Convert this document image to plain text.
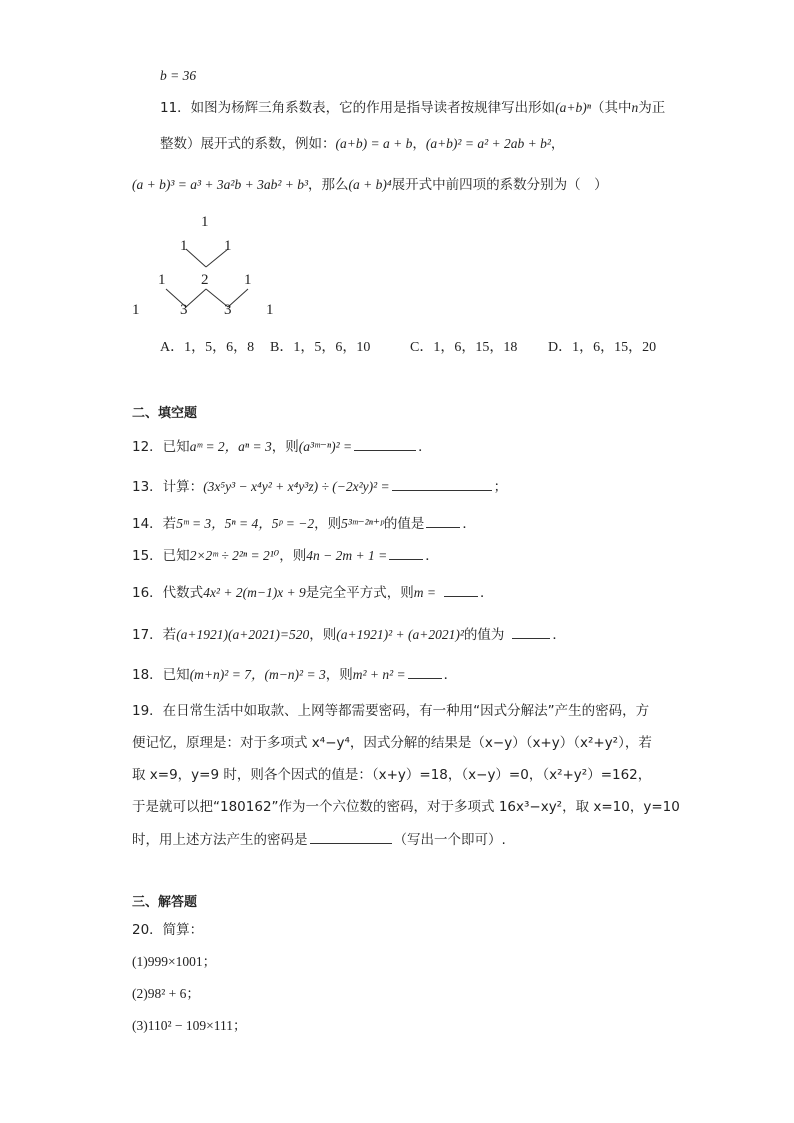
b = 36
11．如图为杨辉三角系数表，它的作用是指导读者按规律写出形如(a+b)ⁿ（其中n为正
整数）展开式的系数，例如：(a+b) = a + b，(a+b)² = a² + 2ab + b²，
(a + b)³ = a³ + 3a²b + 3ab² + b³，那么(a + b)⁴展开式中前四项的系数分别为（　）
1
1 1
1 2 1
1	3 3 1
A．1，5，6，8 B．1，5，6，10	C．1，6，15，18 D．1，6，15，20
二、填空题
12．已知aᵐ = 2，aⁿ = 3，则(a³ᵐ⁻ⁿ)² =	．
13．计算：(3x⁵y³ − x⁴y² + x⁴y³z) ÷ (−2x²y)² =	；
14．若5ᵐ = 3，5ⁿ = 4，5ᵖ = −2，则5³ᵐ⁻²ⁿ⁺ᵖ的值是	．
15．已知2×2ᵐ ÷ 2²ⁿ = 2¹⁰，则4n − 2m + 1 =	．
16．代数式4x² + 2(m−1)x + 9是完全平方式，则m =	．
17．若(a+1921)(a+2021)=520，则(a+1921)² + (a+2021)²的值为	．
18．已知(m+n)² = 7，(m−n)² = 3，则m² + n² =	．
19．在日常生活中如取款、上网等都需要密码，有一种用“因式分解法”产生的密码，方
便记忆，原理是：对于多项式 x⁴−y⁴，因式分解的结果是（x−y）（x+y）（x²+y²），若
取 x=9，y=9 时，则各个因式的值是：（x+y）=18，（x−y）=0，（x²+y²）=162，
于是就可以把“180162”作为一个六位数的密码，对于多项式 16x³−xy²，取 x=10，y=10
时，用上述方法产生的密码是	（写出一个即可）.
三、解答题
20．简算：
(1)999×1001；
(2)98² + 6；
(3)110² − 109×111；
